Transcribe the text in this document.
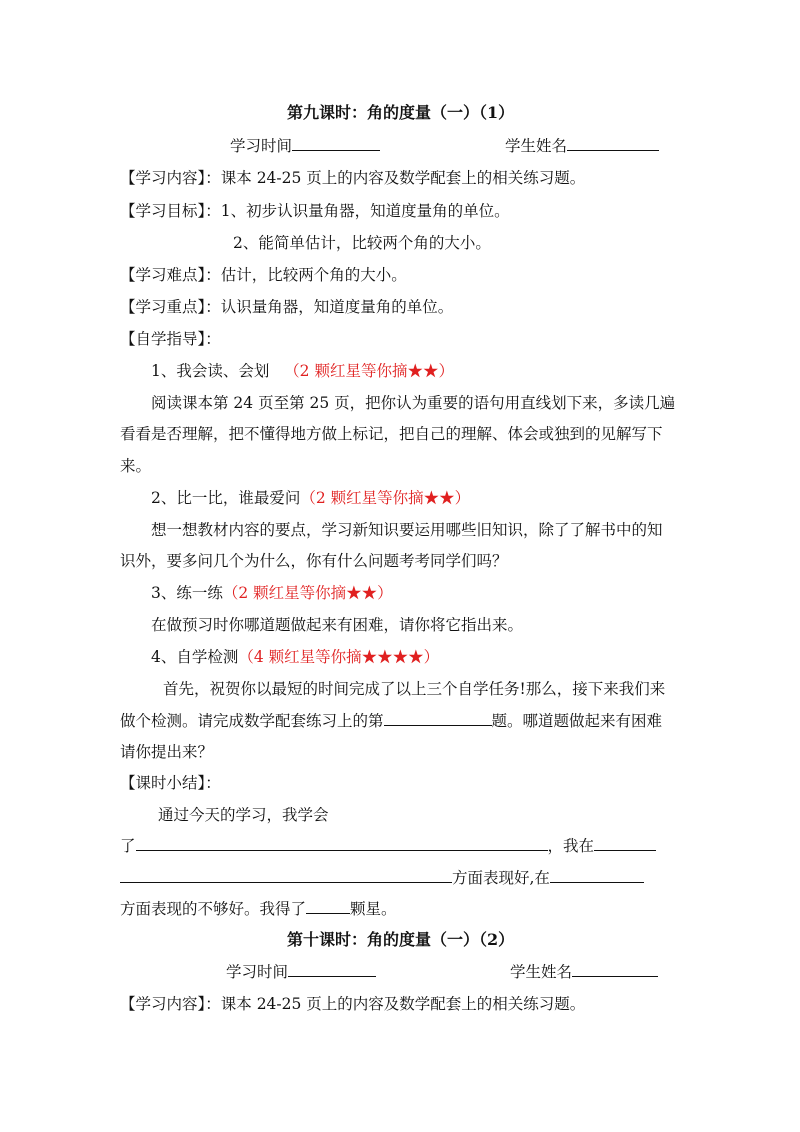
第九课时：角的度量（一）（1）
学习时间	学生姓名
【学习内容】：课本 24-25 页上的内容及数学配套上的相关练习题。
【学习目标】：1、初步认识量角器，知道度量角的单位。
2、能简单估计，比较两个角的大小。
【学习难点】：估计，比较两个角的大小。
【学习重点】：认识量角器，知道度量角的单位。
【自学指导】：
1、我会读、会划 （2 颗红星等你摘★★）
阅读课本第 24 页至第 25 页，把你认为重要的语句用直线划下来，多读几遍
看看是否理解，把不懂得地方做上标记，把自己的理解、体会或独到的见解写下
来。
2、比一比，谁最爱问（2 颗红星等你摘★★）
想一想教材内容的要点，学习新知识要运用哪些旧知识，除了了解书中的知
识外，要多问几个为什么，你有什么问题考考同学们吗？
3、练一练（2 颗红星等你摘★★）
在做预习时你哪道题做起来有困难，请你将它指出来。
4、自学检测（4 颗红星等你摘★★★★）
首先，祝贺你以最短的时间完成了以上三个自学任务!那么，接下来我们来
做个检测。请完成数学配套练习上的第	题。哪道题做起来有困难
请你提出来？
【课时小结】：
通过今天的学习，我学会
了	，我在
方面表现好,在
方面表现的不够好。我得了	颗星。
第十课时：角的度量（一）（2）
学习时间	学生姓名
【学习内容】：课本 24-25 页上的内容及数学配套上的相关练习题。
